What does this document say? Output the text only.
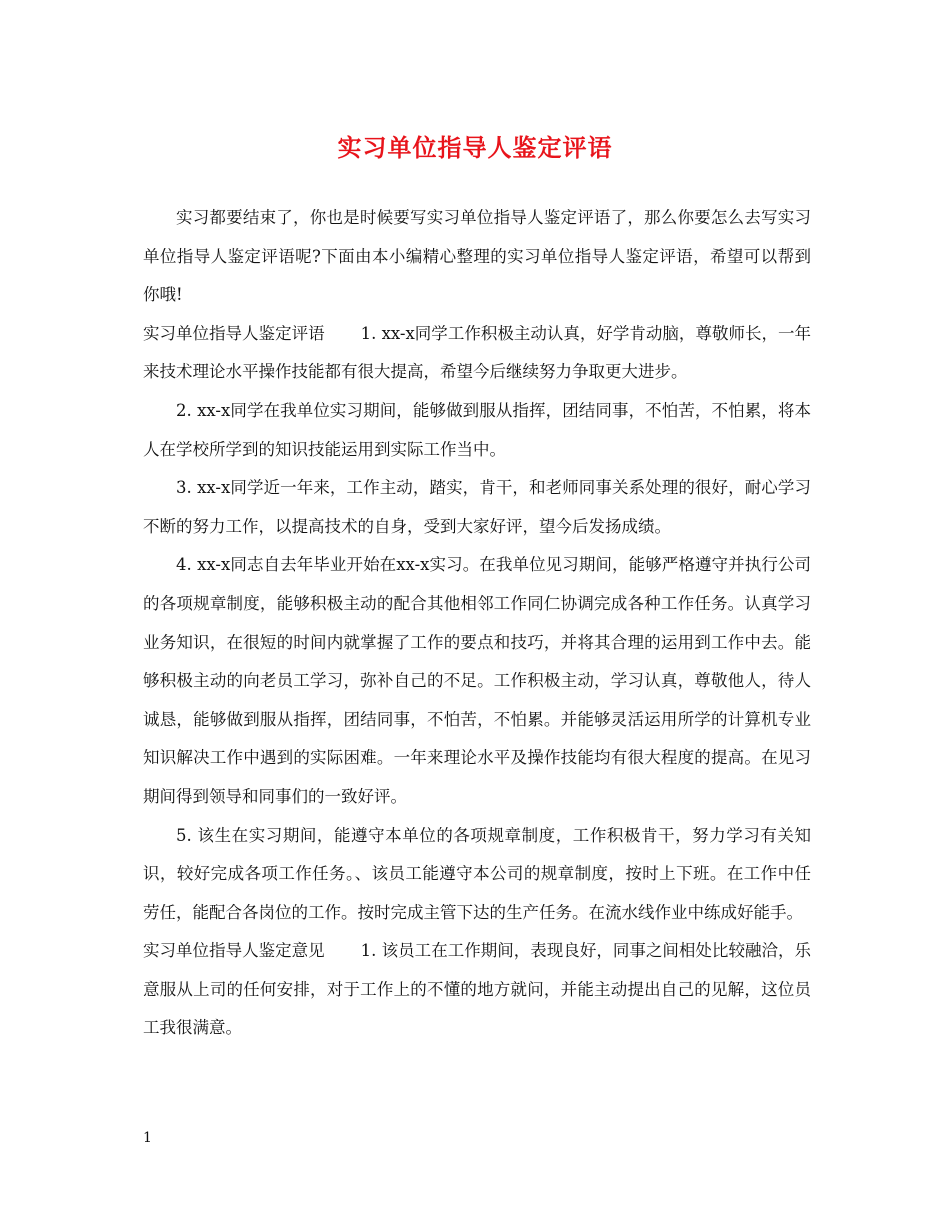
实习单位指导人鉴定评语

实习都要结束了，你也是时候要写实习单位指导人鉴定评语了，那么你要怎么去写实习单位指导人鉴定评语呢?下面由本小编精心整理的实习单位指导人鉴定评语，希望可以帮到你哦!

实习单位指导人鉴定评语 1. xx-x同学工作积极主动认真，好学肯动脑，尊敬师长，一年来技术理论水平操作技能都有很大提高，希望今后继续努力争取更大进步。

2. xx-x同学在我单位实习期间，能够做到服从指挥，团结同事，不怕苦，不怕累，将本人在学校所学到的知识技能运用到实际工作当中。

3. xx-x同学近一年来，工作主动，踏实，肯干，和老师同事关系处理的很好，耐心学习不断的努力工作，以提高技术的自身，受到大家好评，望今后发扬成绩。

4. xx-x同志自去年毕业开始在xx-x实习。在我单位见习期间，能够严格遵守并执行公司的各项规章制度，能够积极主动的配合其他相邻工作同仁协调完成各种工作任务。认真学习业务知识，在很短的时间内就掌握了工作的要点和技巧，并将其合理的运用到工作中去。能够积极主动的向老员工学习，弥补自己的不足。工作积极主动，学习认真，尊敬他人，待人诚恳，能够做到服从指挥，团结同事，不怕苦，不怕累。并能够灵活运用所学的计算机专业知识解决工作中遇到的实际困难。一年来理论水平及操作技能均有很大程度的提高。在见习期间得到领导和同事们的一致好评。

5. 该生在实习期间，能遵守本单位的各项规章制度，工作积极肯干，努力学习有关知识，较好完成各项工作任务。、该员工能遵守本公司的规章制度，按时上下班。在工作中任劳任，能配合各岗位的工作。按时完成主管下达的生产任务。在流水线作业中练成好能手。

实习单位指导人鉴定意见 1. 该员工在工作期间，表现良好，同事之间相处比较融洽，乐意服从上司的任何安排，对于工作上的不懂的地方就问，并能主动提出自己的见解，这位员工我很满意。

1
